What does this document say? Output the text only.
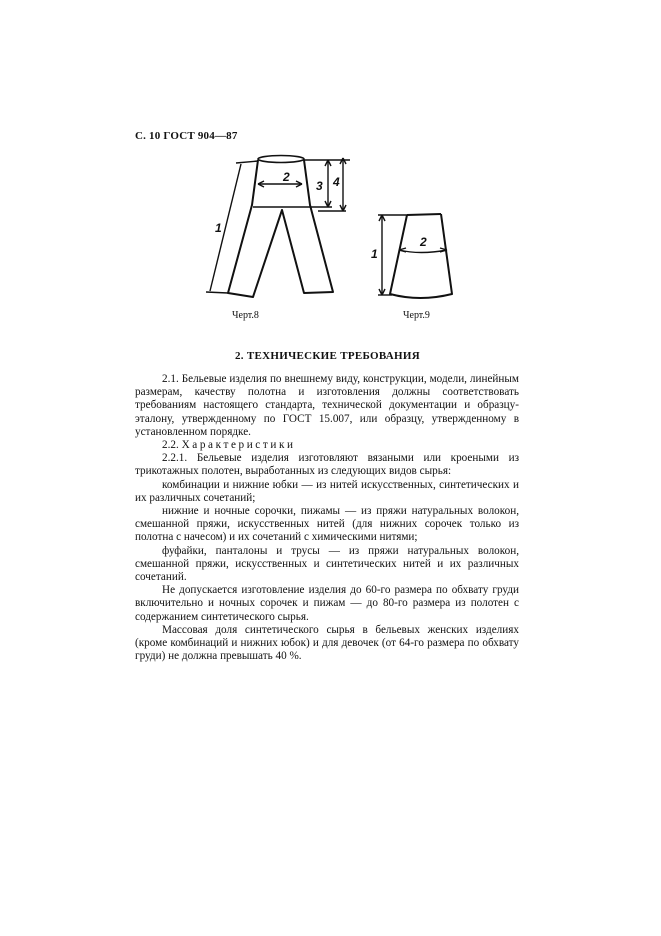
С. 10 ГОСТ 904—87
1
2
3 4
1
2
Черт.8	Черт.9
2. ТЕХНИЧЕСКИЕ ТРЕБОВАНИЯ

2.1. Бельевые изделия по внешнему виду, конструкции, модели, линейным размерам, качеству полотна и изготовления должны соответствовать требованиям настоящего стандарта, технической документации и образцу-эталону, утвержденному по ГОСТ 15.007, или образцу, утвержденному в установленном порядке.

2.2. Характеристики

2.2.1. Бельевые изделия изготовляют вязаными или кроеными из трикотажных полотен, выработанных из следующих видов сырья:

комбинации и нижние юбки — из нитей искусственных, синтетических и их различных сочетаний;

нижние и ночные сорочки, пижамы — из пряжи натуральных волокон, смешанной пряжи, искусственных нитей (для нижних сорочек только из полотна с начесом) и их сочетаний с химическими нитями;

фуфайки, панталоны и трусы — из пряжи натуральных волокон, смешанной пряжи, искусственных и синтетических нитей и их различных сочетаний.

Не допускается изготовление изделия до 60-го размера по обхвату груди включительно и ночных сорочек и пижам — до 80-го размера из полотен с содержанием синтетического сырья.

Массовая доля синтетического сырья в бельевых женских изделиях (кроме комбинаций и нижних юбок) и для девочек (от 64-го размера по обхвату груди) не должна превышать 40 %.
